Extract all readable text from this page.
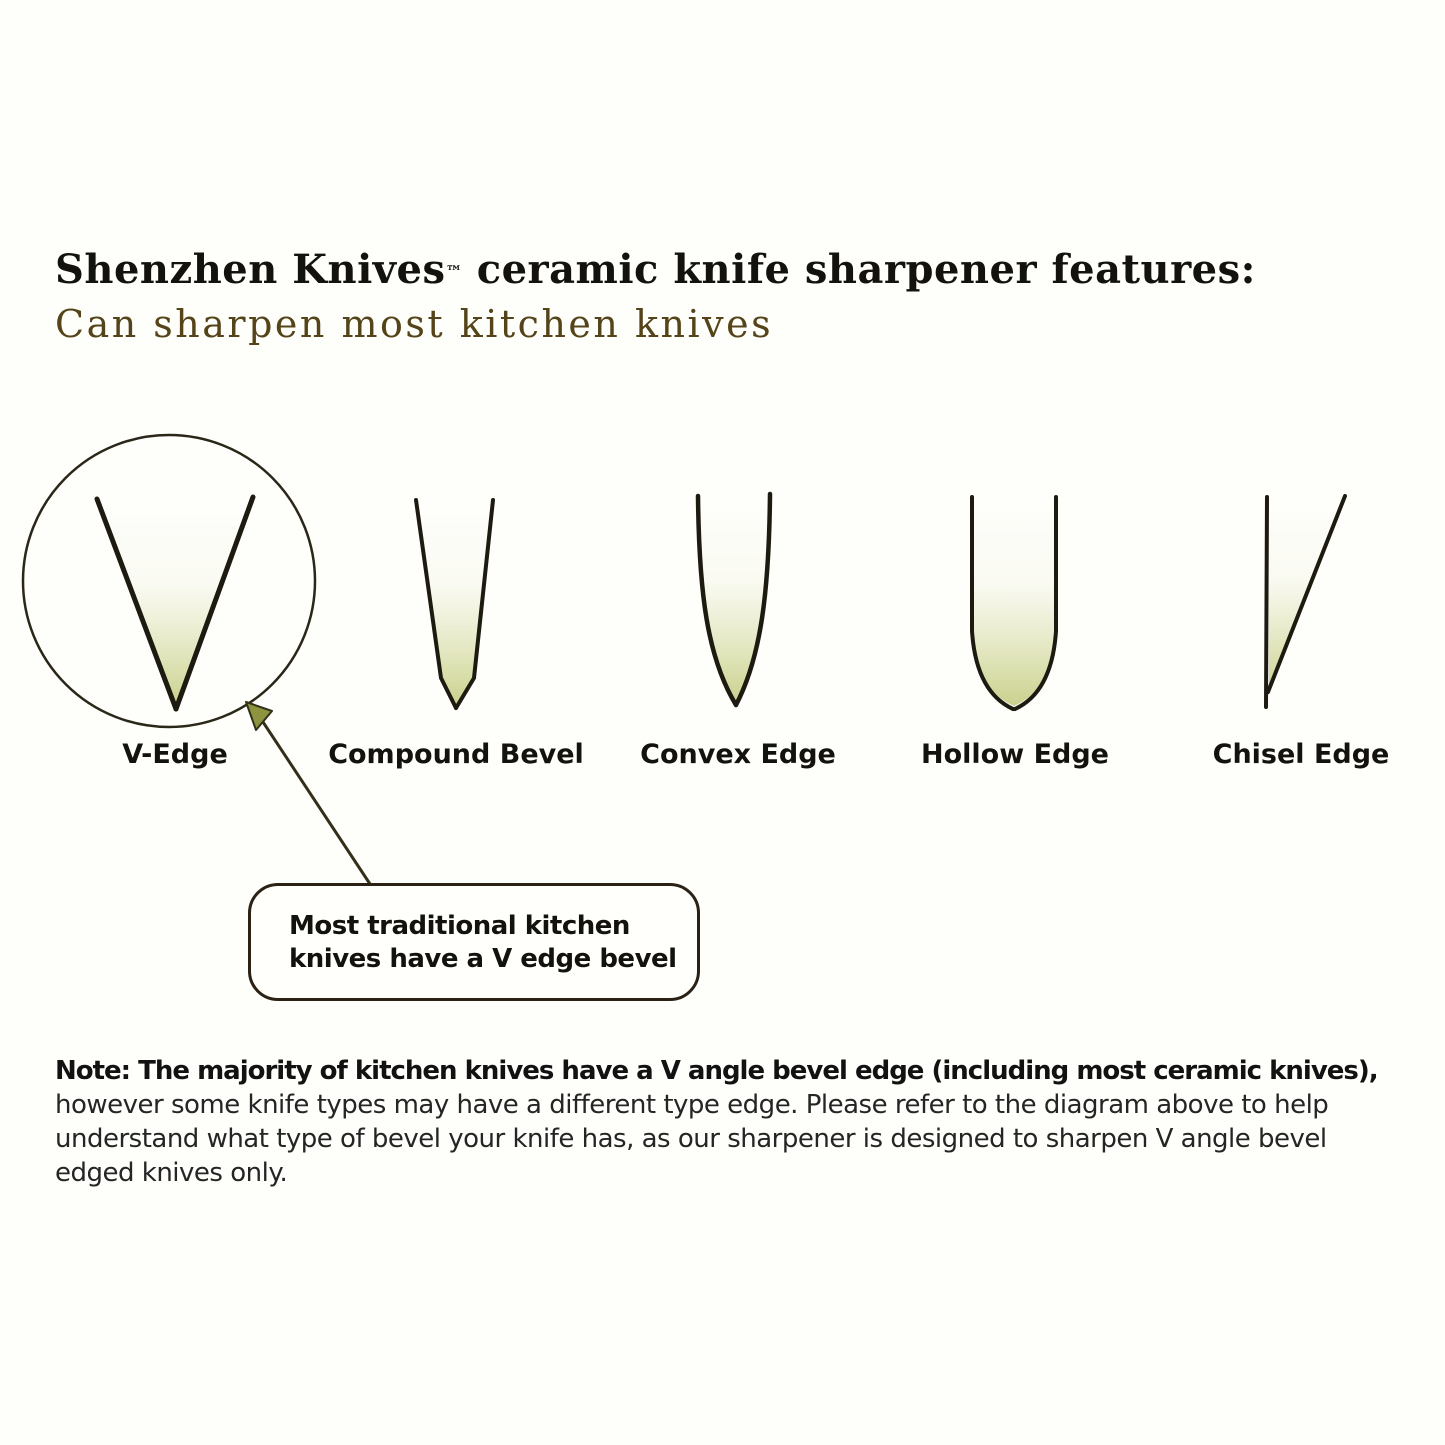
Shenzhen Knives™ ceramic knife sharpener features:
Can sharpen most kitchen knives
V-Edge	Compound Bevel Convex Edge	Hollow Edge	Chisel Edge
Most traditional kitchen
knives have a V edge bevel
Note: The majority of kitchen knives have a V angle bevel edge (including most ceramic knives),
however some knife types may have a different type edge. Please refer to the diagram above to help
understand what type of bevel your knife has, as our sharpener is designed to sharpen V angle bevel
edged knives only.
